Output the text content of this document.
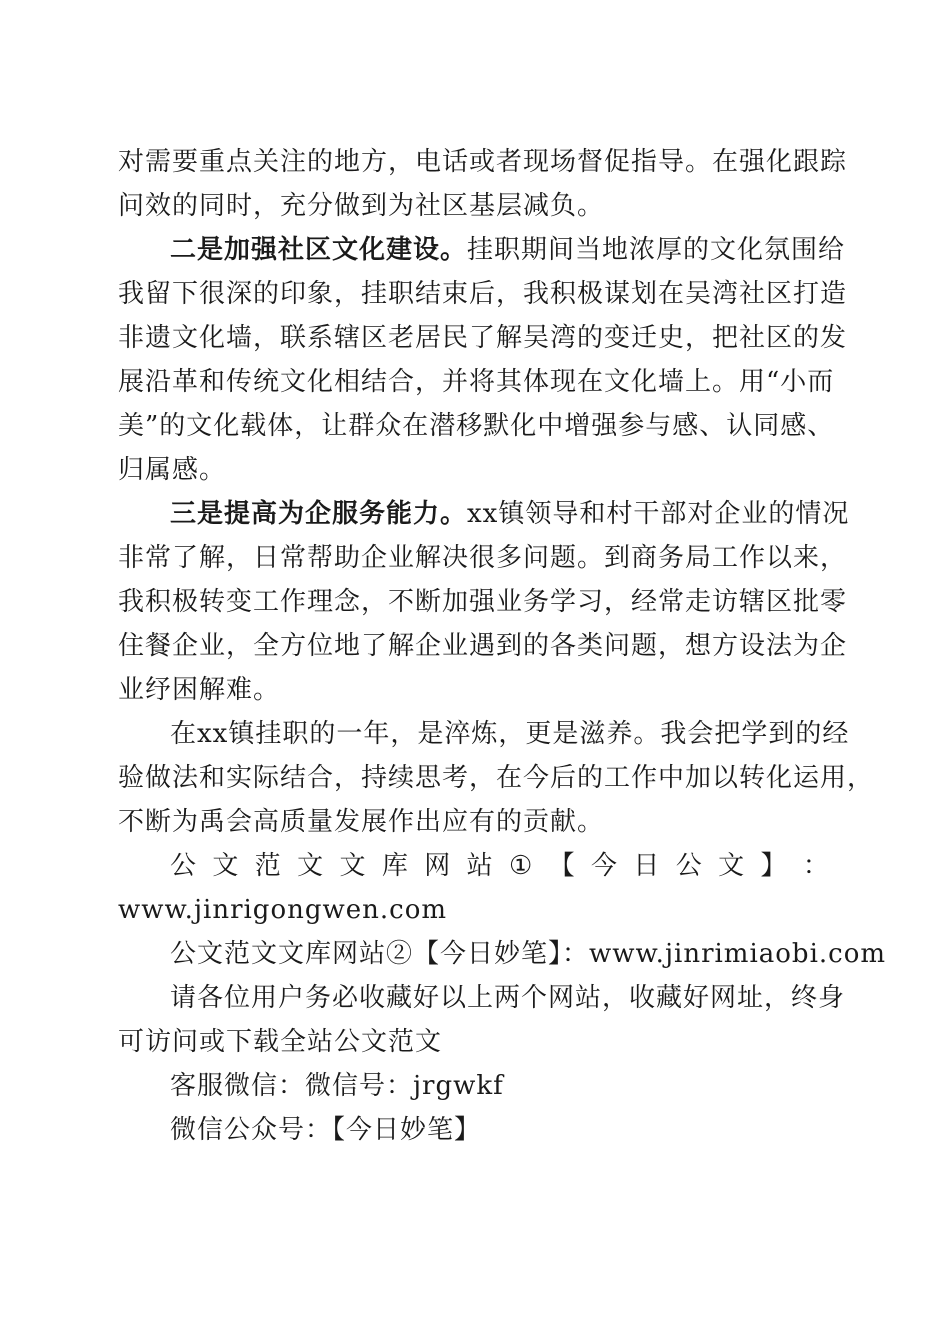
对需要重点关注的地方，电话或者现场督促指导。在强化跟踪
问效的同时，充分做到为社区基层减负。
二是加强社区文化建设。挂职期间当地浓厚的文化氛围给
我留下很深的印象，挂职结束后，我积极谋划在吴湾社区打造
非遗文化墙，联系辖区老居民了解吴湾的变迁史，把社区的发
展沿革和传统文化相结合，并将其体现在文化墙上。用“小而
美”的文化载体，让群众在潜移默化中增强参与感、认同感、
归属感。
三是提高为企服务能力。xx镇领导和村干部对企业的情况
非常了解，日常帮助企业解决很多问题。到商务局工作以来，
我积极转变工作理念，不断加强业务学习，经常走访辖区批零
住餐企业，全方位地了解企业遇到的各类问题，想方设法为企
业纾困解难。
在xx镇挂职的一年，是淬炼，更是滋养。我会把学到的经
验做法和实际结合，持续思考，在今后的工作中加以转化运用，
不断为禹会高质量发展作出应有的贡献。
公 文 范 文 文 库 网 站 ① 【 今 日 公 文 】 ：
www.jinrigongwen.com
公文范文文库网站②【今日妙笔】：www.jinrimiaobi.com
请各位用户务必收藏好以上两个网站，收藏好网址，终身
可访问或下载全站公文范文
客服微信：微信号：jrgwkf
微信公众号：【今日妙笔】
